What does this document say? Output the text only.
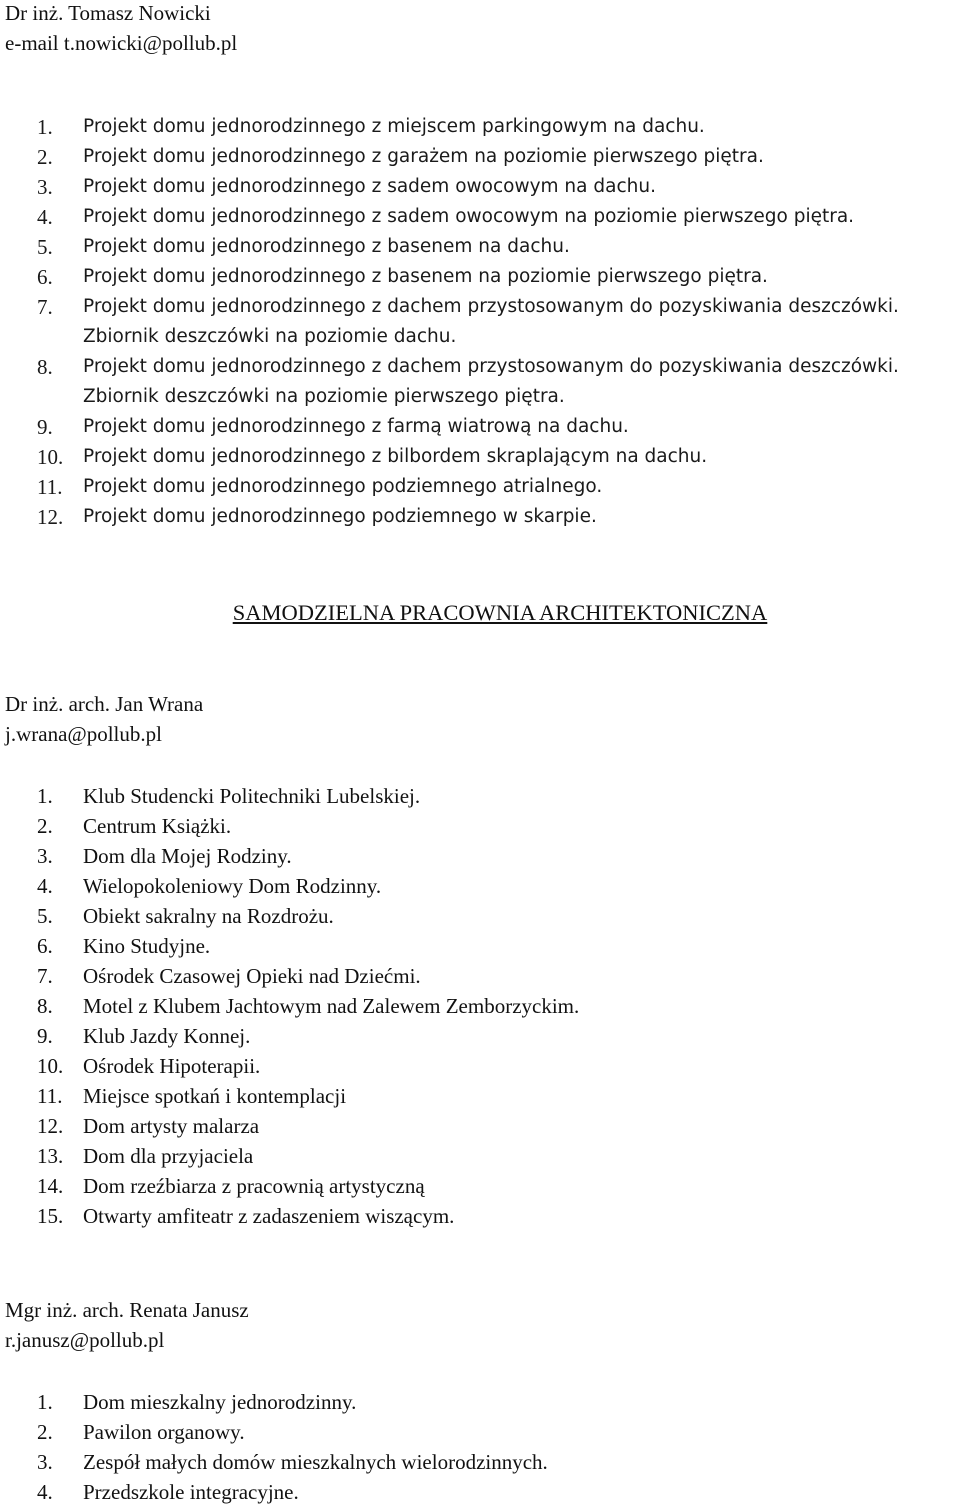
Dr inż. Tomasz Nowicki
e-mail t.nowicki@pollub.pl
1. Projekt domu jednorodzinnego z miejscem parkingowym na dachu.
2. Projekt domu jednorodzinnego z garażem na poziomie pierwszego piętra.
3. Projekt domu jednorodzinnego z sadem owocowym na dachu.
4. Projekt domu jednorodzinnego z sadem owocowym na poziomie pierwszego piętra.
5. Projekt domu jednorodzinnego z basenem na dachu.
6. Projekt domu jednorodzinnego z basenem na poziomie pierwszego piętra.
7. Projekt domu jednorodzinnego z dachem przystosowanym do pozyskiwania deszczówki. Zbiornik deszczówki na poziomie dachu.
8. Projekt domu jednorodzinnego z dachem przystosowanym do pozyskiwania deszczówki. Zbiornik deszczówki na poziomie pierwszego piętra.
9. Projekt domu jednorodzinnego z farmą wiatrową na dachu.
10. Projekt domu jednorodzinnego z bilbordem skraplającym na dachu.
11. Projekt domu jednorodzinnego podziemnego atrialnego.
12. Projekt domu jednorodzinnego podziemnego w skarpie.
SAMODZIELNA PRACOWNIA ARCHITEKTONICZNA
Dr inż. arch. Jan Wrana
j.wrana@pollub.pl
1. Klub Studencki Politechniki Lubelskiej.
2. Centrum Książki.
3. Dom dla Mojej Rodziny.
4. Wielopokoleniowy Dom Rodzinny.
5. Obiekt sakralny na Rozdrożu.
6. Kino Studyjne.
7. Ośrodek Czasowej Opieki nad Dziećmi.
8. Motel z Klubem Jachtowym nad Zalewem Zemborzyckim.
9. Klub Jazdy Konnej.
10. Ośrodek Hipoterapii.
11. Miejsce spotkań i kontemplacji
12. Dom artysty malarza
13. Dom dla przyjaciela
14. Dom rzeźbiarza z pracownią artystyczną
15. Otwarty amfiteatr z zadaszeniem wiszącym.
Mgr inż. arch. Renata Janusz
r.janusz@pollub.pl
1. Dom mieszkalny jednorodzinny.
2. Pawilon organowy.
3. Zespół małych domów mieszkalnych wielorodzinnych.
4. Przedszkole integracyjne.
